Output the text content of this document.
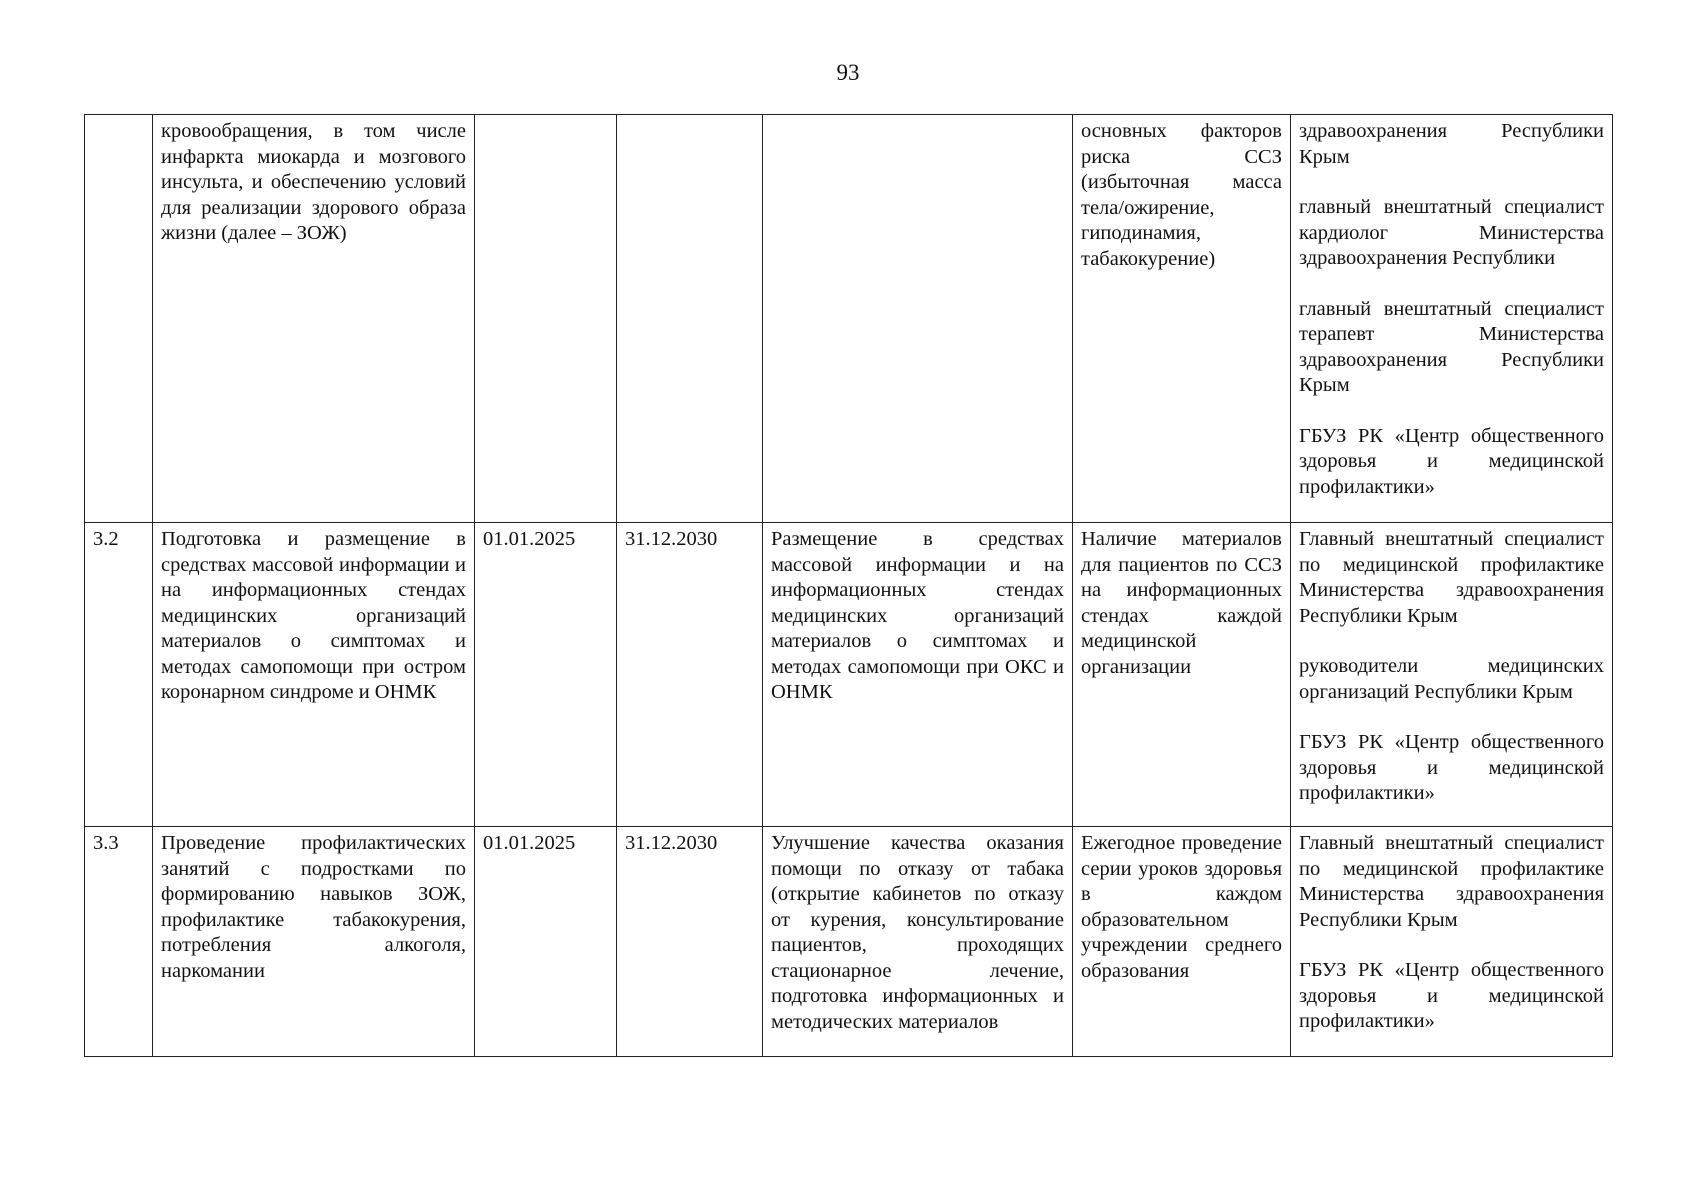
93
	кровообращения, в том числе инфаркта миокарда и мозгового инсульта, и обеспечению условий для реализации здорового образа жизни (далее – ЗОЖ)				основных факторов риска ССЗ (избыточная масса тела/ожирение, гиподинамия, табакокурение)	здравоохранения Республики Крым
главный внештатный специалист кардиолог Министерства здравоохранения Республики
главный внештатный специалист терапевт Министерства здравоохранения Республики Крым
ГБУЗ РК «Центр общественного здоровья и медицинской профилактики»

3.2	Подготовка и размещение в средствах массовой информации и на информационных стендах медицинских организаций материалов о симптомах и методах самопомощи при остром коронарном синдроме и ОНМК	01.01.2025	31.12.2030	Размещение в средствах массовой информации и на информационных стендах медицинских организаций материалов о симптомах и методах самопомощи при ОКС и ОНМК	Наличие материалов для пациентов по ССЗ на информационных стендах каждой медицинской организации	Главный внештатный специалист по медицинской профилактике Министерства здравоохранения Республики Крым
руководители медицинских организаций Республики Крым
ГБУЗ РК «Центр общественного здоровья и медицинской профилактики»

3.3	Проведение профилактических занятий с подростками по формированию навыков ЗОЖ, профилактике табакокурения, потребления алкоголя, наркомании	01.01.2025	31.12.2030	Улучшение качества оказания помощи по отказу от табака (открытие кабинетов по отказу от курения, консультирование пациентов, проходящих стационарное лечение, подготовка информационных и методических материалов	Ежегодное проведение серии уроков здоровья в каждом образовательном учреждении среднего образования	Главный внештатный специалист по медицинской профилактике Министерства здравоохранения Республики Крым
ГБУЗ РК «Центр общественного здоровья и медицинской профилактики»
